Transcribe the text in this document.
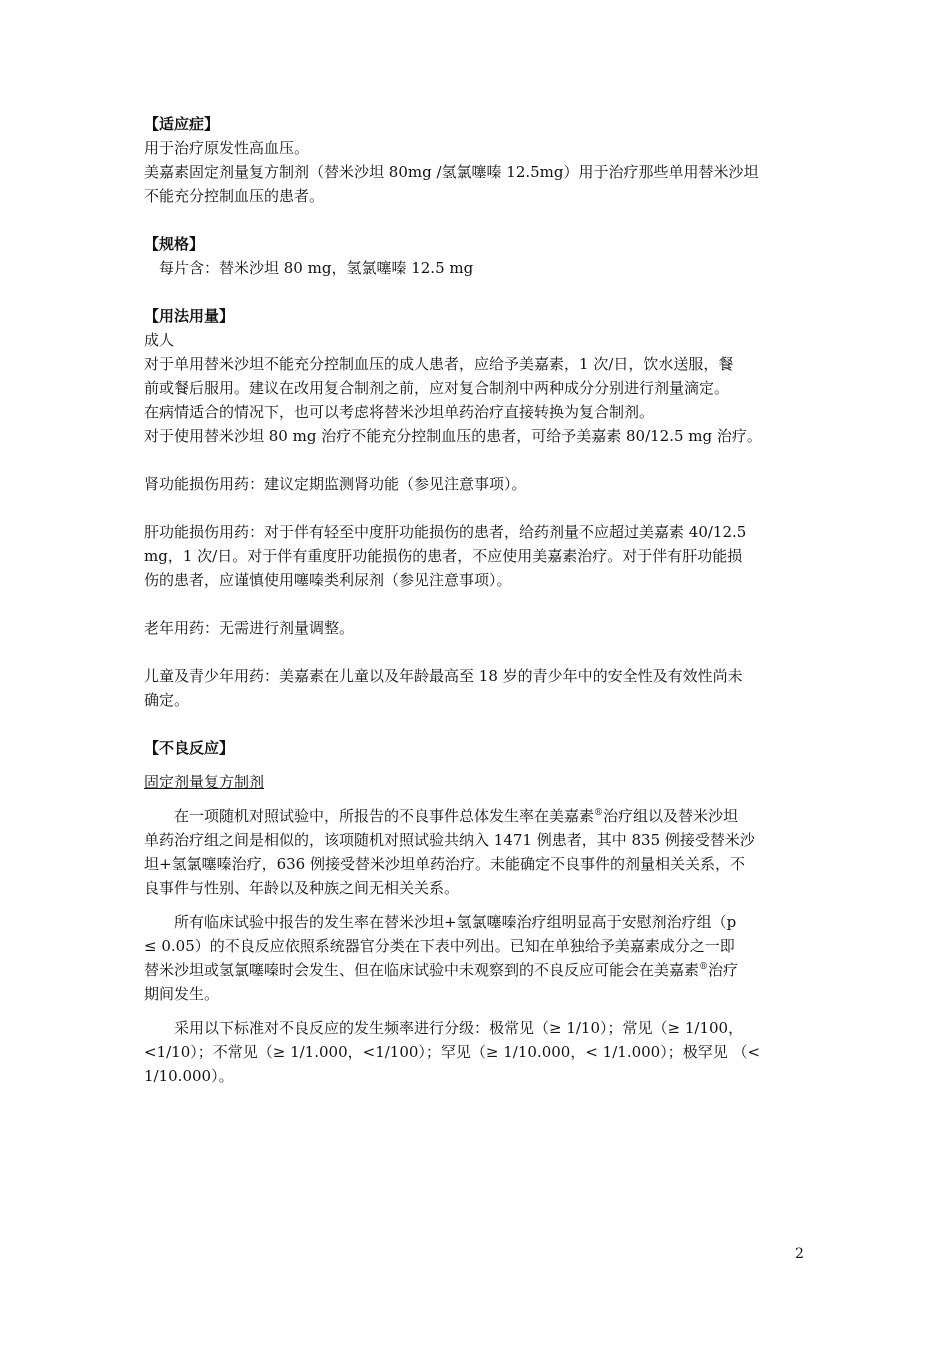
【适应症】

用于治疗原发性高血压。

美嘉素固定剂量复方制剂（替米沙坦 80mg /氢氯噻嗪 12.5mg）用于治疗那些单用替米沙坦

不能充分控制血压的患者。

【规格】

每片含：替米沙坦 80 mg，氢氯噻嗪 12.5 mg

【用法用量】

成人

对于单用替米沙坦不能充分控制血压的成人患者，应给予美嘉素，1 次/日，饮水送服，餐

前或餐后服用。建议在改用复合制剂之前，应对复合制剂中两种成分分别进行剂量滴定。

在病情适合的情况下，也可以考虑将替米沙坦单药治疗直接转换为复合制剂。

对于使用替米沙坦 80 mg 治疗不能充分控制血压的患者，可给予美嘉素 80/12.5 mg 治疗。

肾功能损伤用药：建议定期监测肾功能（参见注意事项）。

肝功能损伤用药：对于伴有轻至中度肝功能损伤的患者，给药剂量不应超过美嘉素 40/12.5

mg，1 次/日。对于伴有重度肝功能损伤的患者，不应使用美嘉素治疗。对于伴有肝功能损

伤的患者，应谨慎使用噻嗪类利尿剂（参见注意事项）。

老年用药：无需进行剂量调整。

儿童及青少年用药：美嘉素在儿童以及年龄最高至 18 岁的青少年中的安全性及有效性尚未

确定。

【不良反应】

固定剂量复方制剂

在一项随机对照试验中，所报告的不良事件总体发生率在美嘉素®治疗组以及替米沙坦

单药治疗组之间是相似的，该项随机对照试验共纳入 1471 例患者，其中 835 例接受替米沙

坦+氢氯噻嗪治疗，636 例接受替米沙坦单药治疗。未能确定不良事件的剂量相关关系，不

良事件与性别、年龄以及种族之间无相关关系。

所有临床试验中报告的发生率在替米沙坦+氢氯噻嗪治疗组明显高于安慰剂治疗组（p

≤ 0.05）的不良反应依照系统器官分类在下表中列出。已知在单独给予美嘉素成分之一即

替米沙坦或氢氯噻嗪时会发生、但在临床试验中未观察到的不良反应可能会在美嘉素®治疗

期间发生。

采用以下标准对不良反应的发生频率进行分级：极常见（≥ 1/10）；常见（≥ 1/100，

<1/10）；不常见（≥ 1/1.000，<1/100）；罕见（≥ 1/10.000，< 1/1.000）；极罕见 （<

1/10.000）。

2
